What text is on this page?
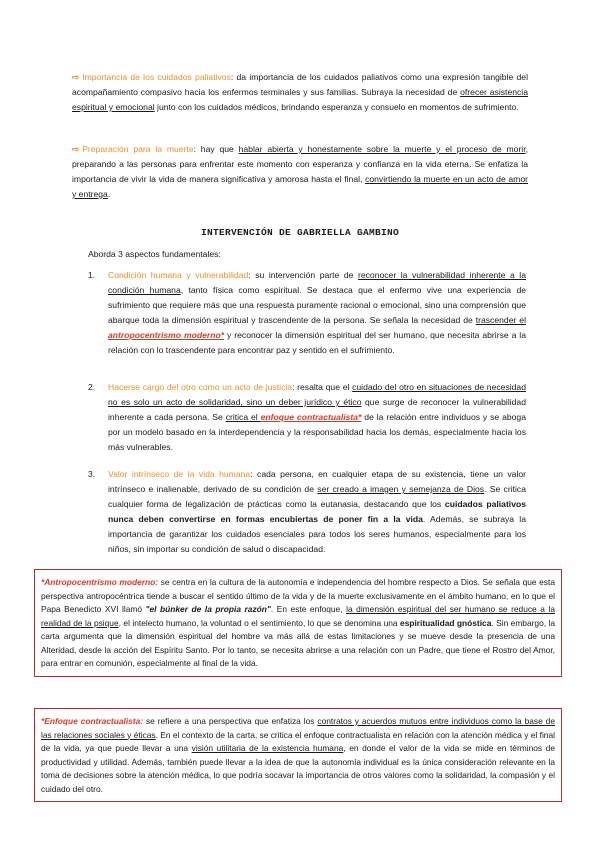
⇨ Importancia de los cuidados paliativos: da importancia de los cuidados paliativos como una expresión tangible del acompañamiento compasivo hacia los enfermos terminales y sus familias. Subraya la necesidad de ofrecer asistencia espiritual y emocional junto con los cuidados médicos, brindando esperanza y consuelo en momentos de sufrimiento.
⇨ Preparación para la muerte: hay que hablar abierta y honestamente sobre la muerte y el proceso de morir, preparando a las personas para enfrentar este momento con esperanza y confianza en la vida eterna. Se enfatiza la importancia de vivir la vida de manera significativa y amorosa hasta el final, convirtiendo la muerte en un acto de amor y entrega.
INTERVENCIÓN DE GABRIELLA GAMBINO
Aborda 3 aspectos fundamentales:
1. Condición humana y vulnerabilidad: su intervención parte de reconocer la vulnerabilidad inherente a la condición humana, tanto física como espiritual. Se destaca que el enfermo vive una experiencia de sufrimiento que requiere más que una respuesta puramente racional o emocional, sino una comprensión que abarque toda la dimensión espiritual y trascendente de la persona. Se señala la necesidad de trascender el antropocentrismo moderno* y reconocer la dimensión espiritual del ser humano, que necesita abrirse a la relación con lo trascendente para encontrar paz y sentido en el sufrimiento.
2. Hacerse cargo del otro como un acto de justicia: resalta que el cuidado del otro en situaciones de necesidad no es solo un acto de solidaridad, sino un deber jurídico y ético que surge de reconocer la vulnerabilidad inherente a cada persona. Se critica el enfoque contractualista* de la relación entre individuos y se aboga por un modelo basado en la interdependencia y la responsabilidad hacia los demás, especialmente hacia los más vulnerables.
3. Valor intrínseco de la vida humana: cada persona, en cualquier etapa de su existencia, tiene un valor intrínseco e inalienable, derivado de su condición de ser creado a imagen y semejanza de Dios. Se critica cualquier forma de legalización de prácticas como la eutanasia, destacando que los cuidados paliativos nunca deben convertirse en formas encubiertas de poner fin a la vida. Además, se subraya la importancia de garantizar los cuidados esenciales para todos los seres humanos, especialmente para los niños, sin importar su condición de salud o discapacidad.
*Antropocentrismo moderno: se centra en la cultura de la autonomía e independencia del hombre respecto a Dios. Se señala que esta perspectiva antropocéntrica tiende a buscar el sentido último de la vida y de la muerte exclusivamente en el ámbito humano, en lo que el Papa Benedicto XVI llamó "el búnker de la propia razón". En este enfoque, la dimensión espiritual del ser humano se reduce a la realidad de la psique, el intelecto humano, la voluntad o el sentimiento, lo que se denomina una espiritualidad gnóstica. Sin embargo, la carta argumenta que la dimensión espiritual del hombre va más allá de estas limitaciones y se mueve desde la presencia de una Alteridad, desde la acción del Espíritu Santo. Por lo tanto, se necesita abrirse a una relación con un Padre, que tiene el Rostro del Amor, para entrar en comunión, especialmente al final de la vida.
*Enfoque contractualista: se refiere a una perspectiva que enfatiza los contratos y acuerdos mutuos entre individuos como la base de las relaciones sociales y éticas. En el contexto de la carta, se critica el enfoque contractualista en relación con la atención médica y el final de la vida, ya que puede llevar a una visión utilitaria de la existencia humana, en donde el valor de la vida se mide en términos de productividad y utilidad. Además, también puede llevar a la idea de que la autonomía individual es la única consideración relevante en la toma de decisiones sobre la atención médica, lo que podría socavar la importancia de otros valores como la solidaridad, la compasión y el cuidado del otro.
